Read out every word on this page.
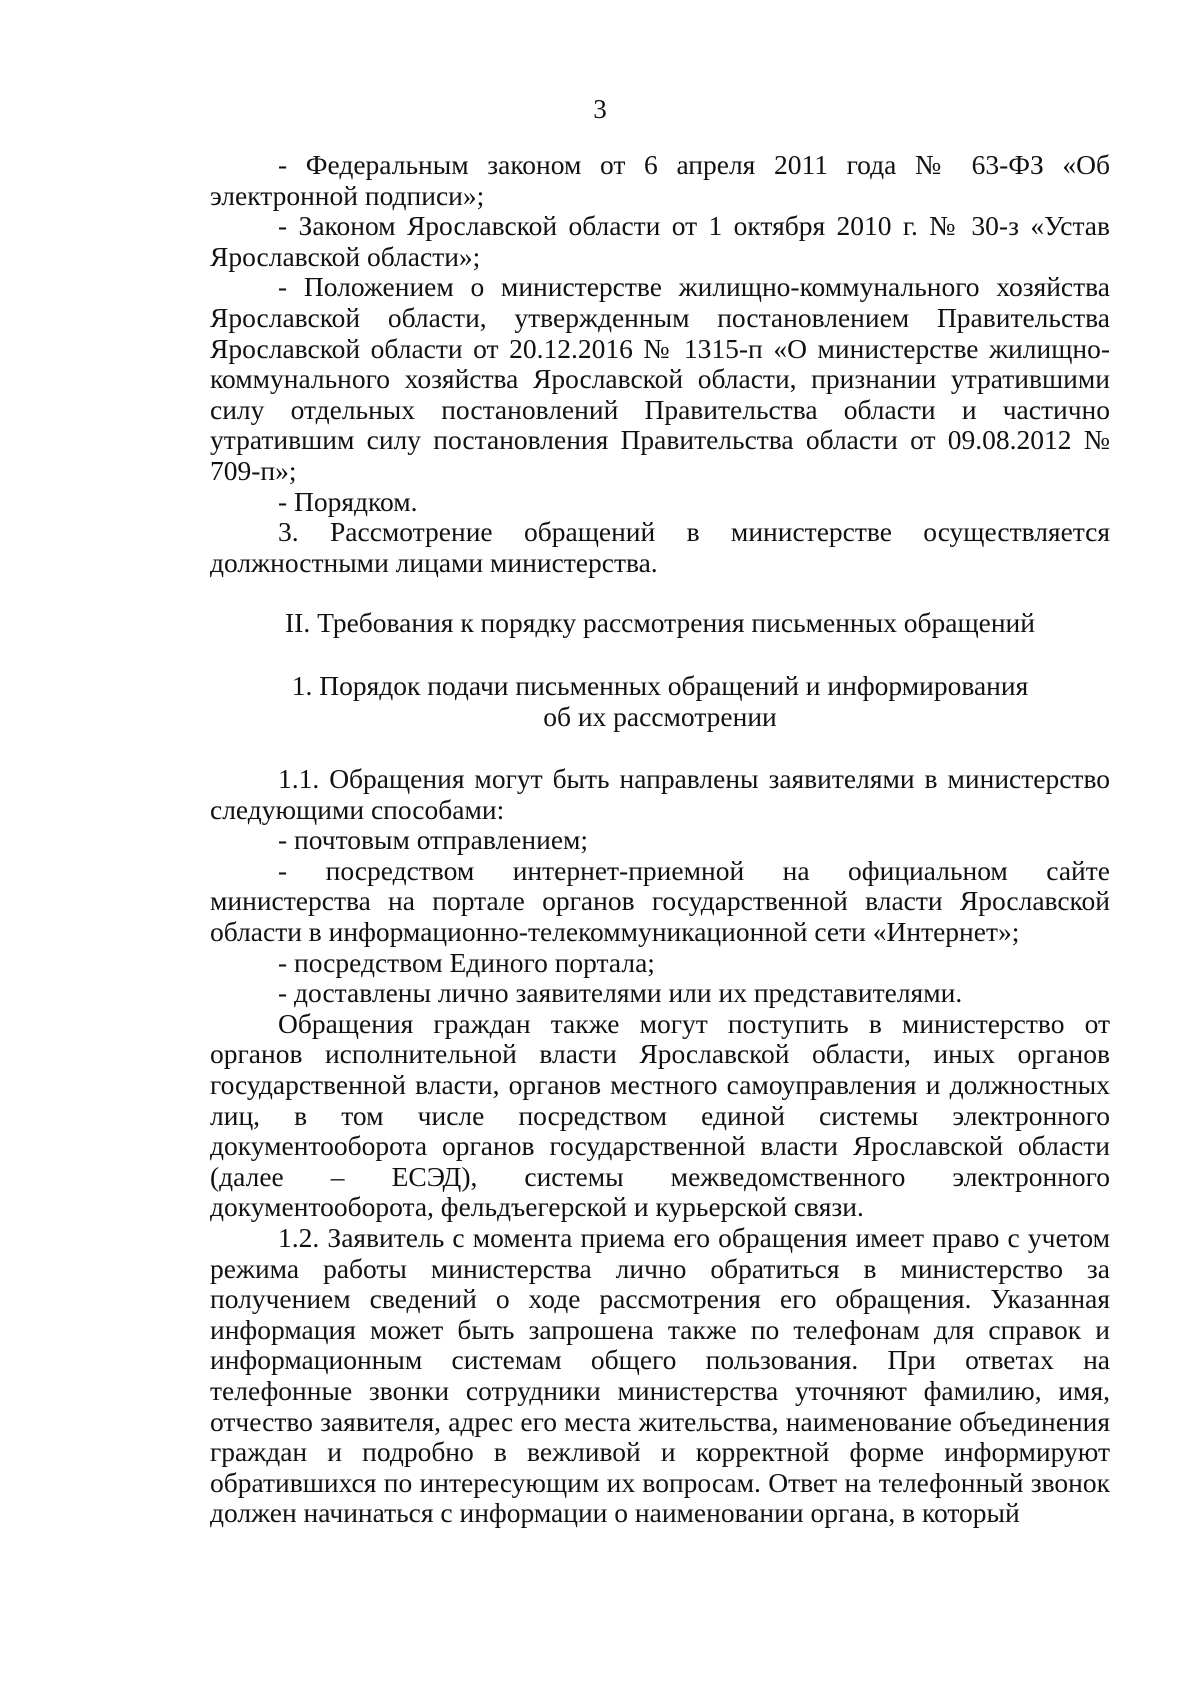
3

- Федеральным законом от 6 апреля 2011 года № 63-ФЗ «Об электронной подписи»;

- Законом Ярославской области от 1 октября 2010 г. № 30-з «Устав Ярославской области»;

- Положением о министерстве жилищно-коммунального хозяйства Ярославской области, утвержденным постановлением Правительства Ярославской области от 20.12.2016 № 1315-п «О министерстве жилищно-коммунального хозяйства Ярославской области, признании утратившими силу отдельных постановлений Правительства области и частично утратившим силу постановления Правительства области от 09.08.2012 № 709-п»;

- Порядком.

3. Рассмотрение обращений в министерстве осуществляется должностными лицами министерства.

II. Требования к порядку рассмотрения письменных обращений
1. Порядок подачи письменных обращений и информирования
об их рассмотрении

1.1. Обращения могут быть направлены заявителями в министерство следующими способами:

- почтовым отправлением;

- посредством интернет-приемной на официальном сайте министерства на портале органов государственной власти Ярославской области в информационно-телекоммуникационной сети «Интернет»;

- посредством Единого портала;

- доставлены лично заявителями или их представителями.

Обращения граждан также могут поступить в министерство от органов исполнительной власти Ярославской области, иных органов государственной власти, органов местного самоуправления и должностных лиц, в том числе посредством единой системы электронного документооборота органов государственной власти Ярославской области (далее – ЕСЭД), системы межведомственного электронного документооборота, фельдъегерской и курьерской связи.

1.2. Заявитель с момента приема его обращения имеет право с учетом режима работы министерства лично обратиться в министерство за получением сведений о ходе рассмотрения его обращения. Указанная информация может быть запрошена также по телефонам для справок и информационным системам общего пользования. При ответах на телефонные звонки сотрудники министерства уточняют фамилию, имя, отчество заявителя, адрес его места жительства, наименование объединения граждан и подробно в вежливой и корректной форме информируют обратившихся по интересующим их вопросам. Ответ на телефонный звонок должен начинаться с информации о наименовании органа, в который
